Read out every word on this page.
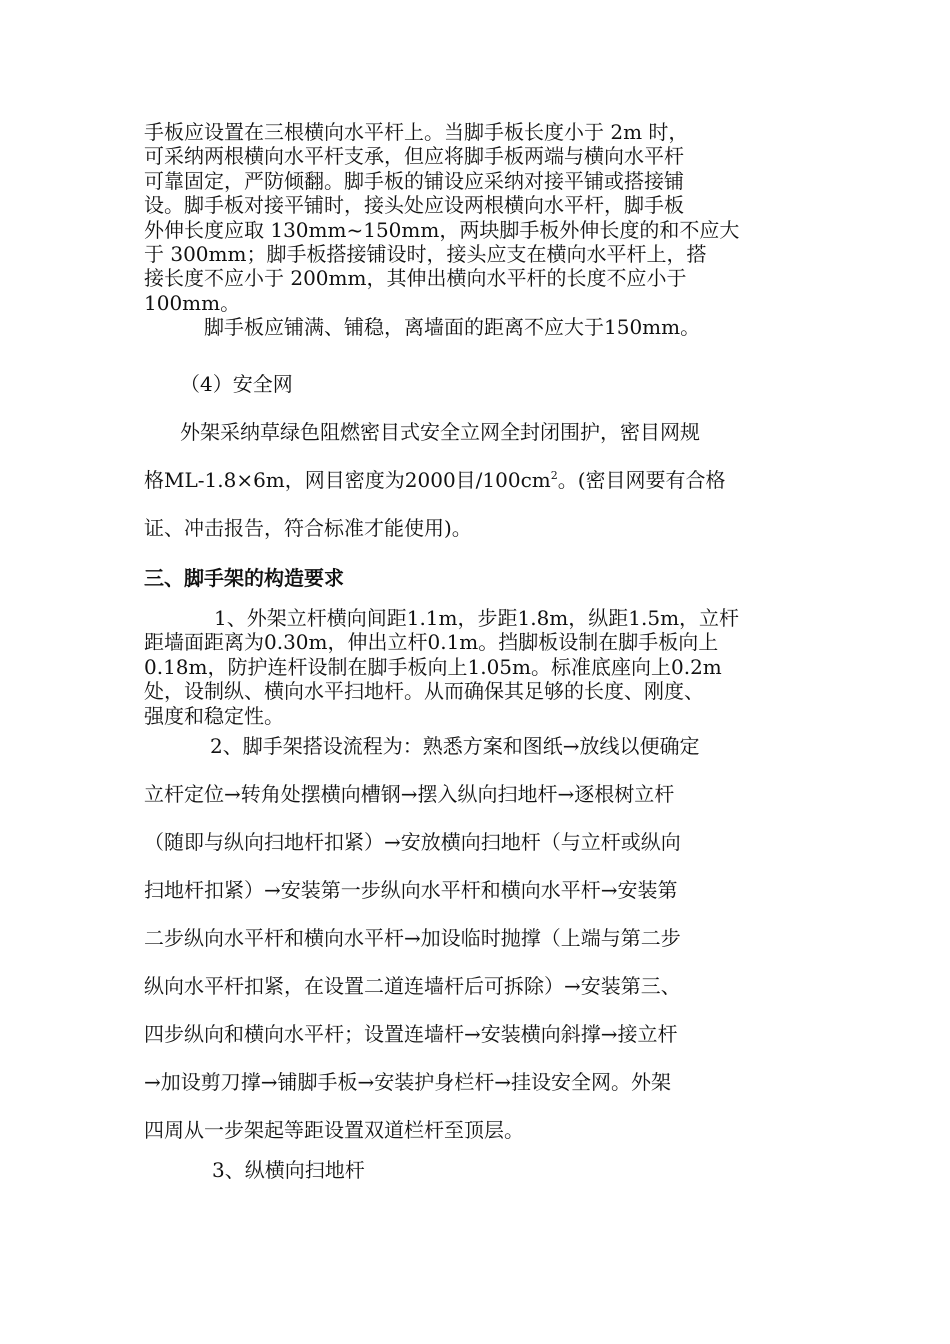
手板应设置在三根横向水平杆上。当脚手板长度小于 2m 时，
可采纳两根横向水平杆支承，但应将脚手板两端与横向水平杆
可靠固定，严防倾翻。脚手板的铺设应采纳对接平铺或搭接铺
设。脚手板对接平铺时，接头处应设两根横向水平杆，脚手板
外伸长度应取 130mm~150mm，两块脚手板外伸长度的和不应大
于 300mm；脚手板搭接铺设时，接头应支在横向水平杆上，搭
接长度不应小于 200mm，其伸出横向水平杆的长度不应小于
100mm。
脚手板应铺满、铺稳，离墙面的距离不应大于150mm。
（4）安全网
外架采纳草绿色阻燃密目式安全立网全封闭围护，密目网规
格ML-1.8×6m，网目密度为2000目$/100cm^2$。(密目网要有合格
证、冲击报告，符合标准才能使用)。
三、脚手架的构造要求
1、外架立杆横向间距1.1m，步距1.8m，纵距1.5m，立杆
距墙面距离为0.30m，伸出立杆0.1m。挡脚板设制在脚手板向上
0.18m，防护连杆设制在脚手板向上1.05m。标准底座向上0.2m
处，设制纵、横向水平扫地杆。从而确保其足够的长度、刚度、
强度和稳定性。
2、脚手架搭设流程为：熟悉方案和图纸→放线以便确定
立杆定位→转角处摆横向槽钢→摆入纵向扫地杆→逐根树立杆
（随即与纵向扫地杆扣紧）→安放横向扫地杆（与立杆或纵向
扫地杆扣紧）→安装第一步纵向水平杆和横向水平杆→安装第
二步纵向水平杆和横向水平杆→加设临时抛撑（上端与第二步
纵向水平杆扣紧，在设置二道连墙杆后可拆除）→安装第三、
四步纵向和横向水平杆；设置连墙杆→安装横向斜撑→接立杆
→加设剪刀撑→铺脚手板→安装护身栏杆→挂设安全网。外架
四周从一步架起等距设置双道栏杆至顶层。
3、纵横向扫地杆
